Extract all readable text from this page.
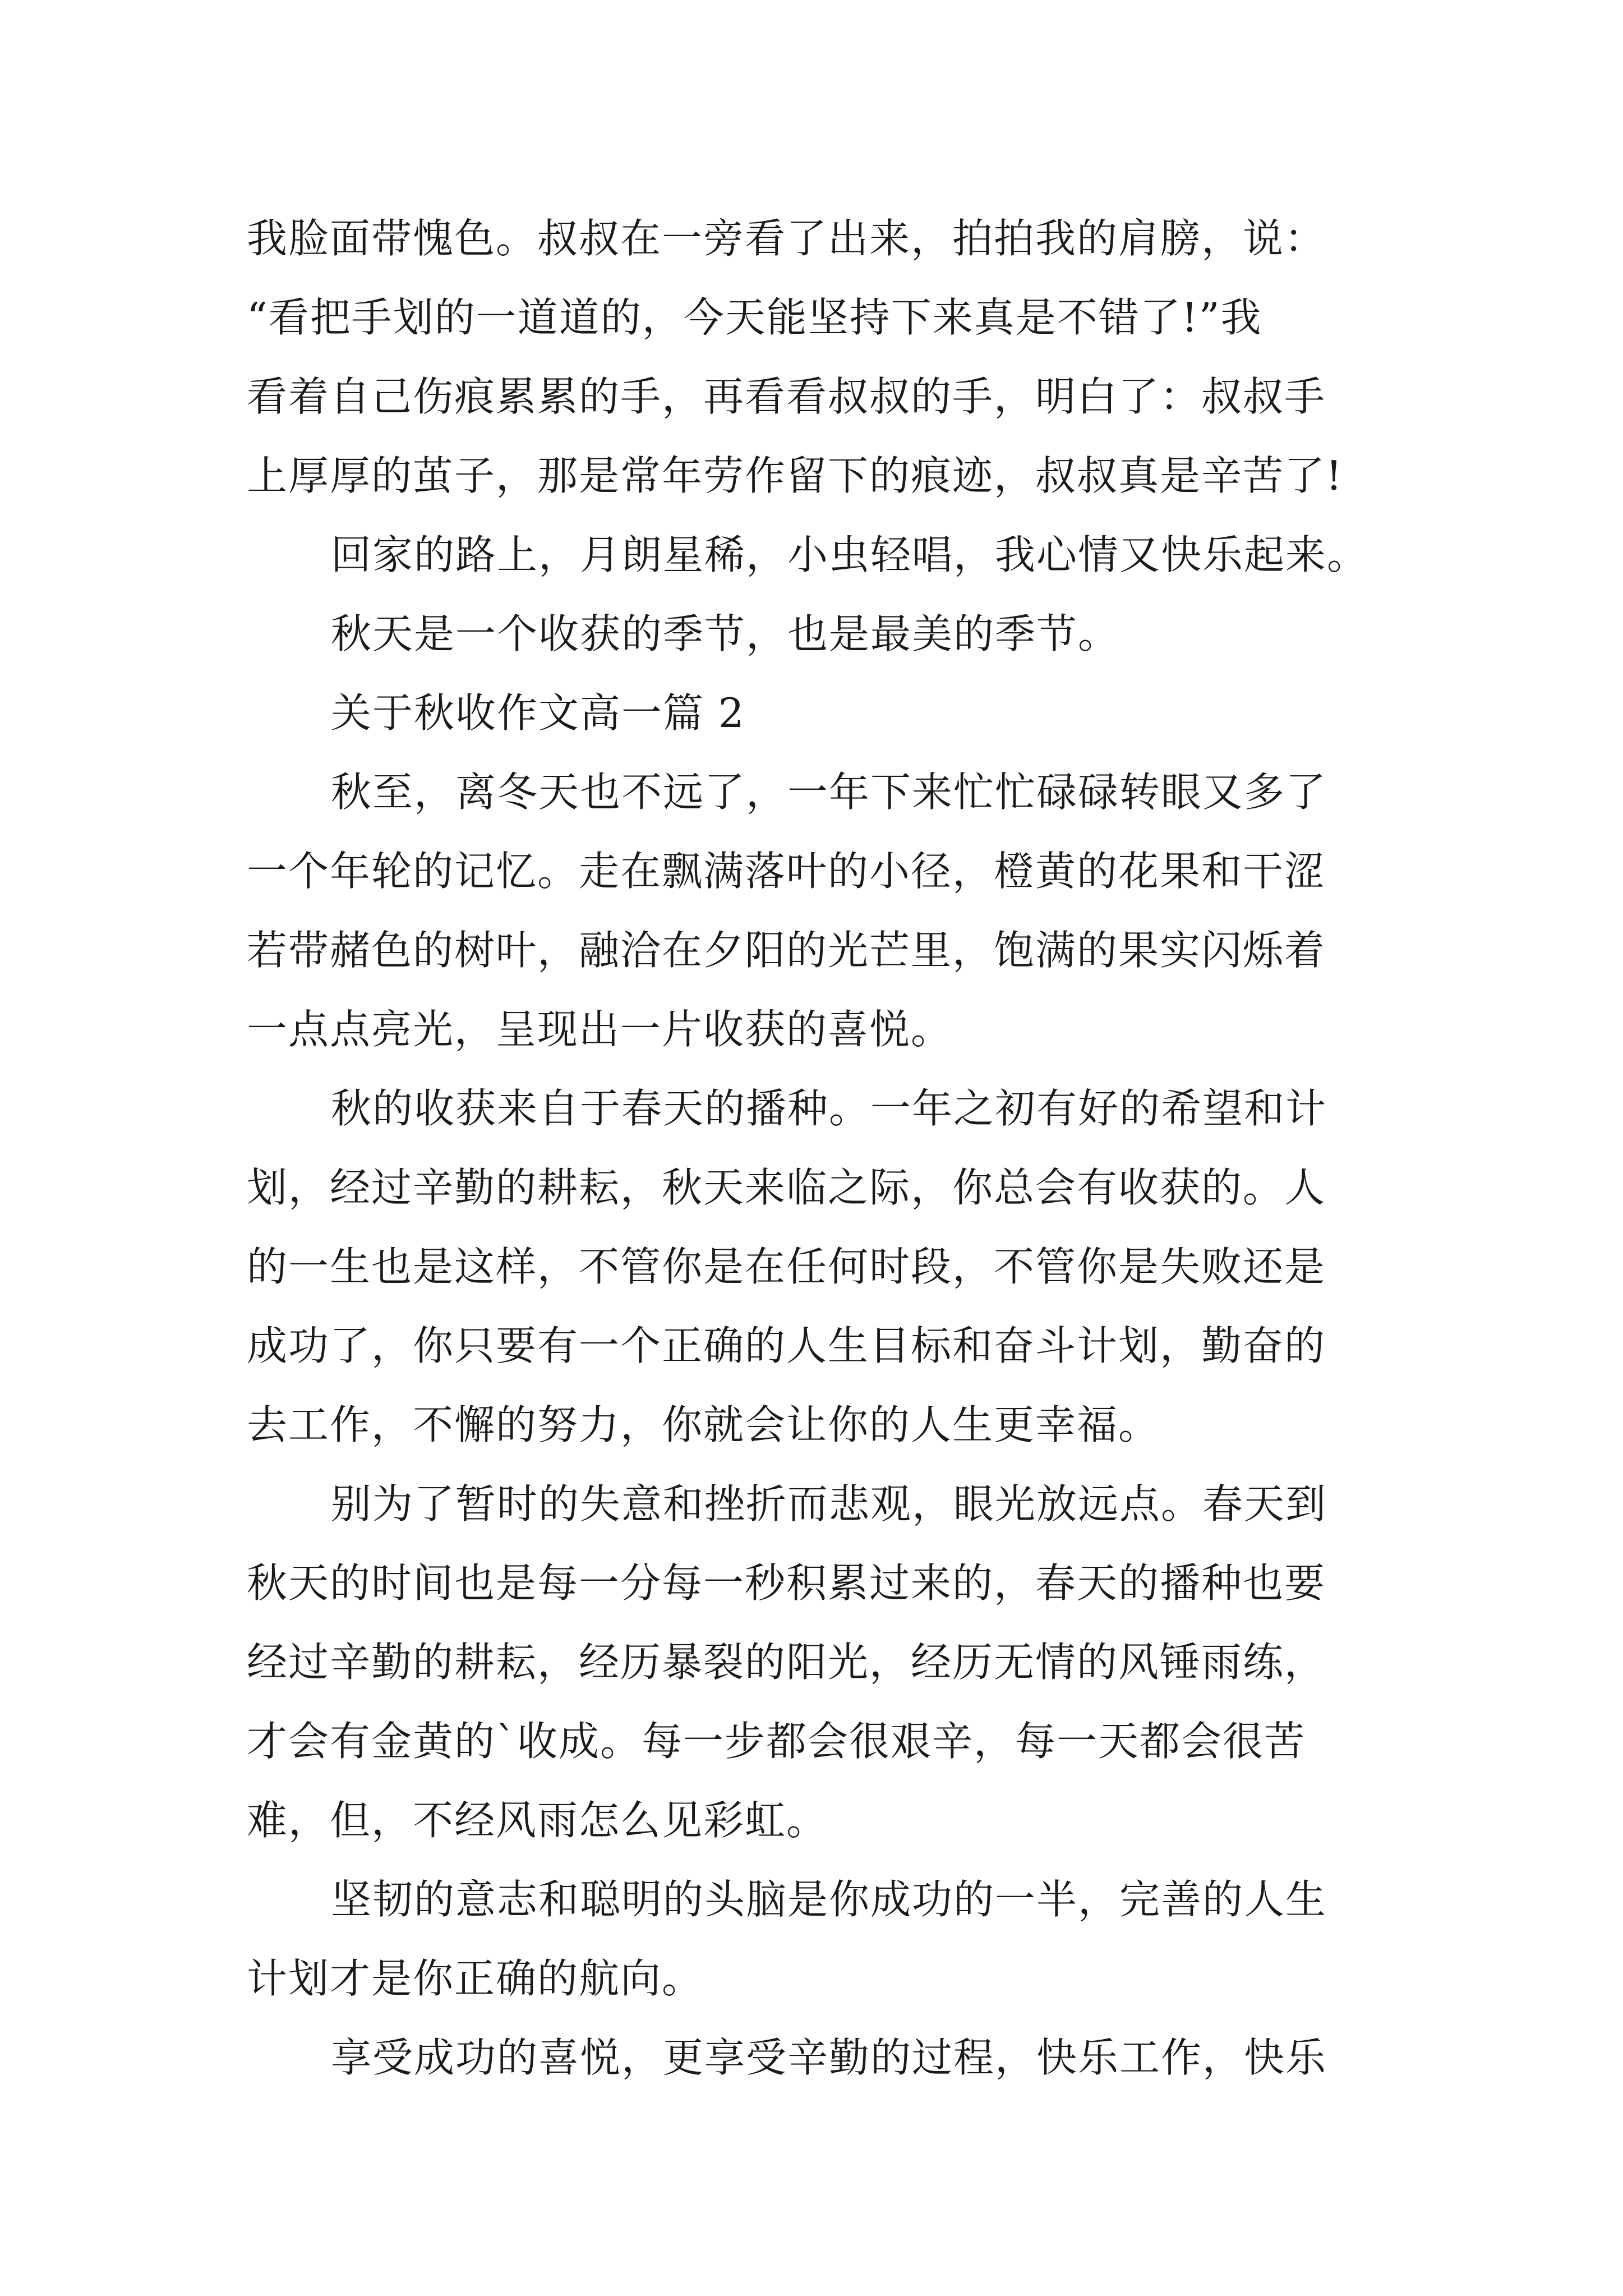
我脸面带愧色。叔叔在一旁看了出来，拍拍我的肩膀，说：
“看把手划的一道道的，今天能坚持下来真是不错了!”我
看着自己伤痕累累的手，再看看叔叔的手，明白了：叔叔手
上厚厚的茧子，那是常年劳作留下的痕迹，叔叔真是辛苦了!

回家的路上，月朗星稀，小虫轻唱，我心情又快乐起来。

秋天是一个收获的季节，也是最美的季节。

关于秋收作文高一篇 2

秋至，离冬天也不远了，一年下来忙忙碌碌转眼又多了
一个年轮的记忆。走在飘满落叶的小径，橙黄的花果和干涩
若带赭色的树叶，融洽在夕阳的光芒里，饱满的果实闪烁着
一点点亮光，呈现出一片收获的喜悦。

秋的收获来自于春天的播种。一年之初有好的希望和计
划，经过辛勤的耕耘，秋天来临之际，你总会有收获的。人
的一生也是这样，不管你是在任何时段，不管你是失败还是
成功了，你只要有一个正确的人生目标和奋斗计划，勤奋的
去工作，不懈的努力，你就会让你的人生更幸福。

别为了暂时的失意和挫折而悲观，眼光放远点。春天到
秋天的时间也是每一分每一秒积累过来的，春天的播种也要
经过辛勤的耕耘，经历暴裂的阳光，经历无情的风锤雨练，
才会有金黄的`收成。每一步都会很艰辛，每一天都会很苦
难，但，不经风雨怎么见彩虹。

坚韧的意志和聪明的头脑是你成功的一半，完善的人生
计划才是你正确的航向。

享受成功的喜悦，更享受辛勤的过程，快乐工作，快乐
